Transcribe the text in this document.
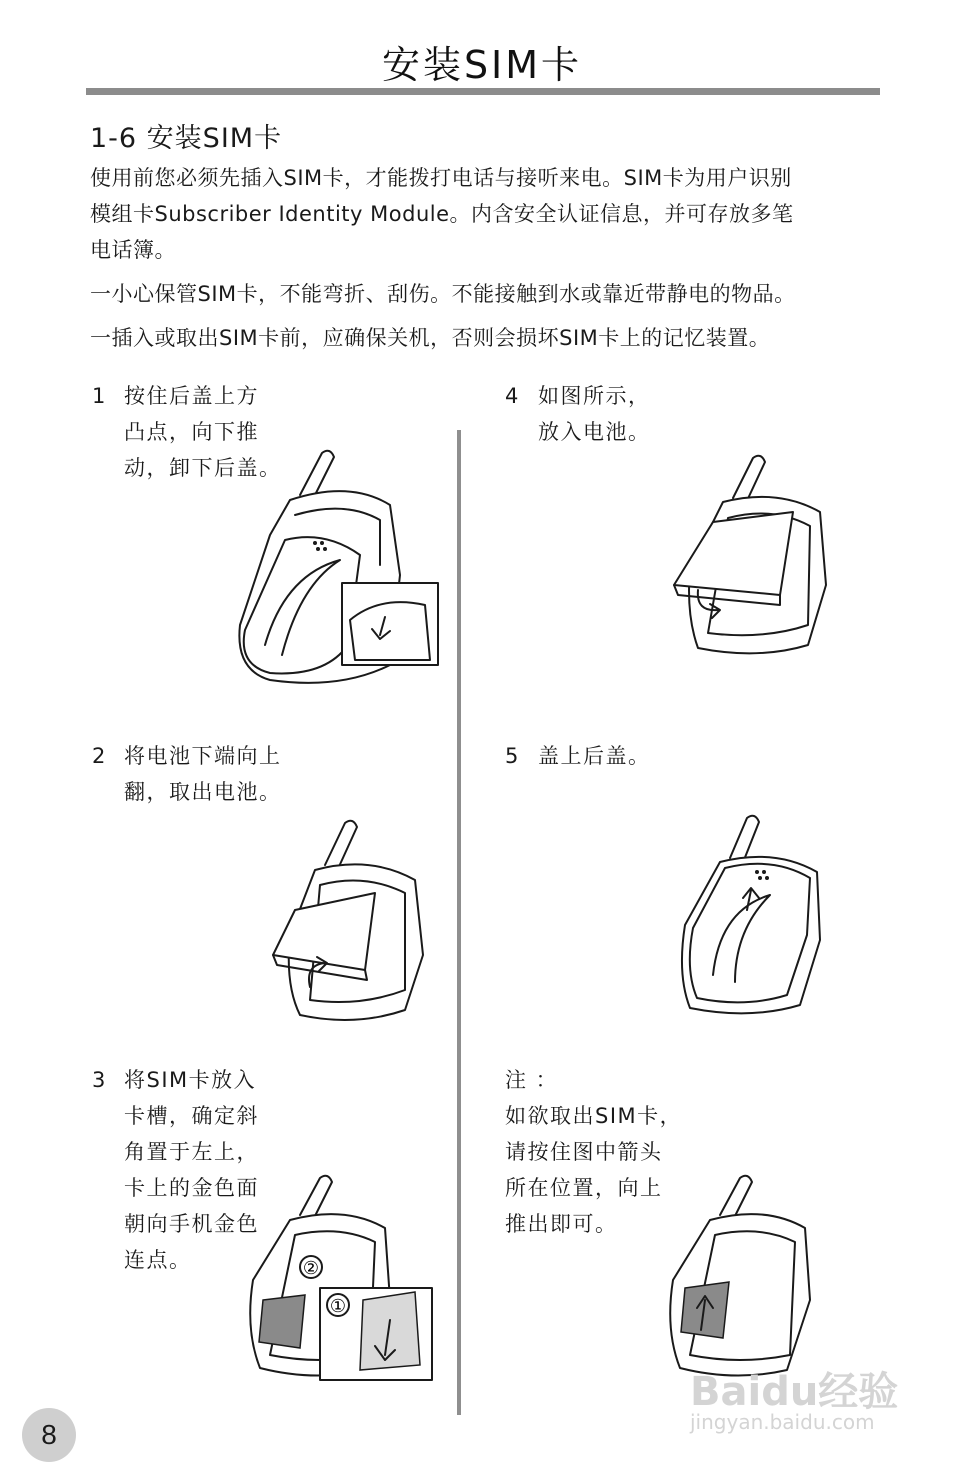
安装SIM卡
1-6 安装SIM卡
使用前您必须先插入SIM卡，才能拨打电话与接听来电。SIM卡为用户识别
模组卡Subscriber Identity Module。内含安全认证信息，并可存放多笔
电话簿。
一小心保管SIM卡，不能弯折、刮伤。不能接触到水或靠近带静电的物品。
一插入或取出SIM卡前，应确保关机，否则会损坏SIM卡上的记忆装置。
1 按住后盖上方
凸点，向下推
动，卸下后盖。
2 将电池下端向上
翻，取出电池。
3 将SIM卡放入
卡槽，确定斜
角置于左上，
卡上的金色面
朝向手机金色
连点。
4 如图所示，
放入电池。
5 盖上后盖。
注 ：
如欲取出SIM卡，
请按住图中箭头
所在位置，向上
推出即可。
②
①
Baidu经验
jingyan.baidu.com
8
